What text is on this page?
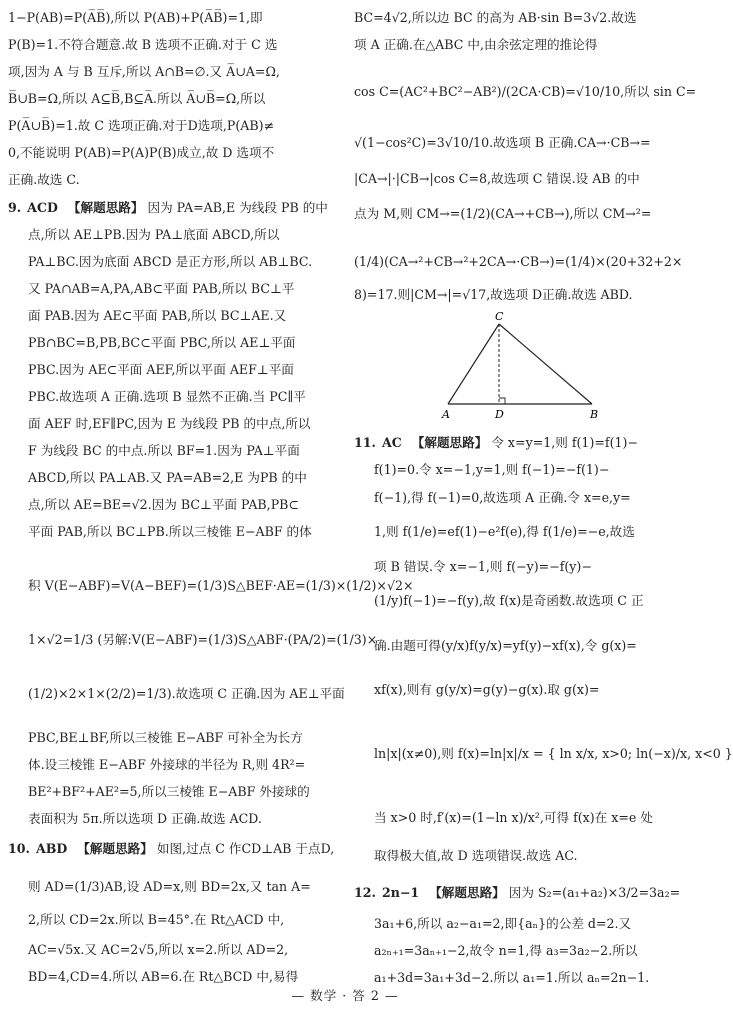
1−P(AB)=P(A̅B̅),所以 P(AB)+P(A̅B̅)=1,即
P(B)=1.不符合题意.故 B 选项不正确.对于 C 选
项,因为 A 与 B 互斥,所以 A∩B=∅.又 A̅∪A=Ω,
B̅∪B=Ω,所以 A⊆B̅,B⊆A̅.所以 A̅∪B̅=Ω,所以
P(A̅∪B̅)=1.故 C 选项正确.对于D选项,P(AB)≠
0,不能说明 P(AB)=P(A)P(B)成立,故 D 选项不
正确.故选 C.
9. ACD 【解题思路】 因为 PA=AB,E 为线段 PB 的中
点,所以 AE⊥PB.因为 PA⊥底面 ABCD,所以
PA⊥BC.因为底面 ABCD 是正方形,所以 AB⊥BC.
又 PA∩AB=A,PA,AB⊂平面 PAB,所以 BC⊥平
面 PAB.因为 AE⊂平面 PAB,所以 BC⊥AE.又
PB∩BC=B,PB,BC⊂平面 PBC,所以 AE⊥平面
PBC.因为 AE⊂平面 AEF,所以平面 AEF⊥平面
PBC.故选项 A 正确.选项 B 显然不正确.当 PC∥平
面 AEF 时,EF∥PC,因为 E 为线段 PB 的中点,所以
F 为线段 BC 的中点.所以 BF=1.因为 PA⊥平面
ABCD,所以 PA⊥AB.又 PA=AB=2,E 为PB 的中
点,所以 AE=BE=√2.因为 BC⊥平面 PAB,PB⊂
平面 PAB,所以 BC⊥PB.所以三棱锥 E−ABF 的体
积 V(E−ABF)=V(A−BEF)=(1/3)S△BEF·AE=(1/3)×(1/2)×√2×
1×√2=1/3 (另解:V(E−ABF)=(1/3)S△ABF·(PA/2)=(1/3)×
(1/2)×2×1×(2/2)=1/3).故选项 C 正确.因为 AE⊥平面
PBC,BE⊥BF,所以三棱锥 E−ABF 可补全为长方
体.设三棱锥 E−ABF 外接球的半径为 R,则 4R²=
BE²+BF²+AE²=5,所以三棱锥 E−ABF 外接球的
表面积为 5π.所以选项 D 正确.故选 ACD.
10. ABD 【解题思路】 如图,过点 C 作CD⊥AB 于点D,
则 AD=(1/3)AB,设 AD=x,则 BD=2x,又 tan A=
2,所以 CD=2x.所以 B=45°.在 Rt△ACD 中,
AC=√5x.又 AC=2√5,所以 x=2.所以 AD=2,
BD=4,CD=4.所以 AB=6.在 Rt△BCD 中,易得
BC=4√2,所以边 BC 的高为 AB·sin B=3√2.故选
项 A 正确.在△ABC 中,由余弦定理的推论得
cos C=(AC²+BC²−AB²)/(2CA·CB)=√10/10,所以 sin C=
√(1−cos²C)=3√10/10.故选项 B 正确.CA→·CB→=
|CA→|·|CB→|cos C=8,故选项 C 错误.设 AB 的中
点为 M,则 CM→=(1/2)(CA→+CB→),所以 CM→²=
(1/4)(CA→²+CB→²+2CA→·CB→)=(1/4)×(20+32+2×
8)=17.则|CM→|=√17,故选项 D正确.故选 ABD.
C
A	D	B
11. AC 【解题思路】 令 x=y=1,则 f(1)=f(1)−
f(1)=0.令 x=−1,y=1,则 f(−1)=−f(1)−
f(−1),得 f(−1)=0,故选项 A 正确.令 x=e,y=
1,则 f(1/e)=ef(1)−e²f(e),得 f(1/e)=−e,故选
项 B 错误.令 x=−1,则 f(−y)=−f(y)−
(1/y)f(−1)=−f(y),故 f(x)是奇函数.故选项 C 正
确.由题可得(y/x)f(y/x)=yf(y)−xf(x),令 g(x)=
xf(x),则有 g(y/x)=g(y)−g(x).取 g(x)=
ln|x|(x≠0),则 f(x)=ln|x|/x = { ln x/x, x>0; ln(−x)/x, x<0 }
当 x>0 时,f′(x)=(1−ln x)/x²,可得 f(x)在 x=e 处
取得极大值,故 D 选项错误.故选 AC.
12. 2n−1 【解题思路】 因为 S₂=(a₁+a₂)×3/2=3a₂=
3a₁+6,所以 a₂−a₁=2,即{aₙ}的公差 d=2.又
a₂ₙ₊₁=3aₙ₊₁−2,故令 n=1,得 a₃=3a₂−2.所以
a₁+3d=3a₁+3d−2.所以 a₁=1.所以 aₙ=2n−1.
— 数学 · 答 2 —
